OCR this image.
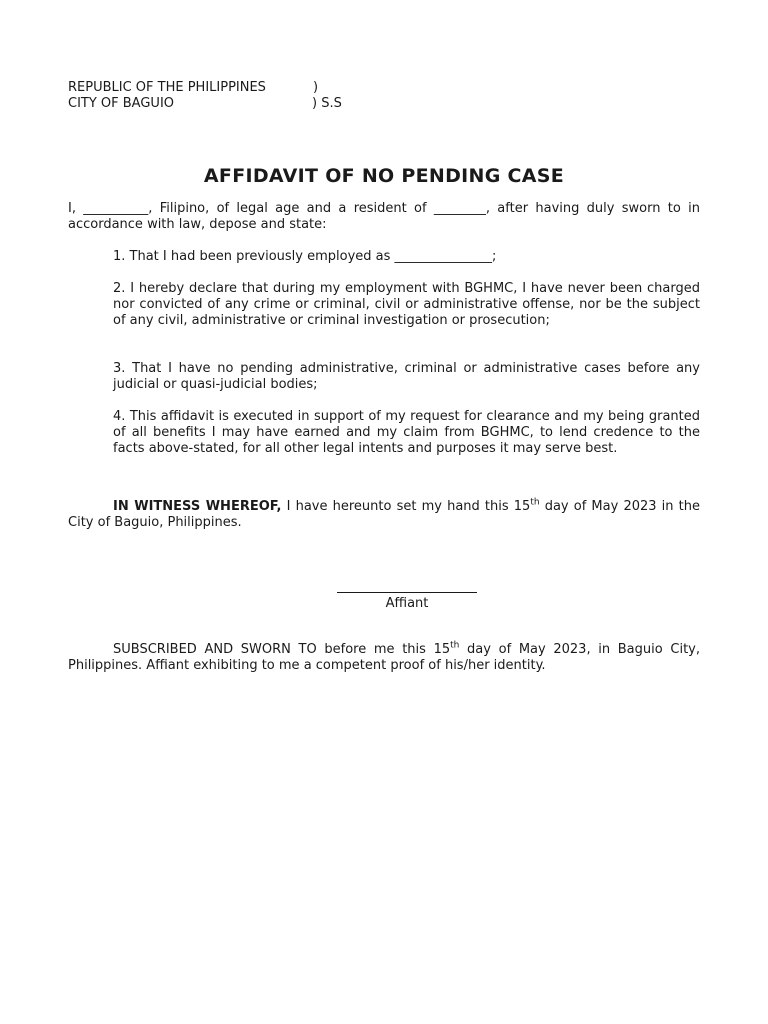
REPUBLIC OF THE PHILIPPINES	)
CITY OF BAGUIO	) S.S
AFFIDAVIT OF NO PENDING CASE
I, __________, Filipino, of legal age and a resident of ________, after having duly sworn to in accordance with law, depose and state:
1. That I had been previously employed as _______________;
2. I hereby declare that during my employment with BGHMC, I have never been charged nor convicted of any crime or criminal, civil or administrative offense, nor be the subject of any civil, administrative or criminal investigation or prosecution;
3. That I have no pending administrative, criminal or administrative cases before any judicial or quasi-judicial bodies;
4. This affidavit is executed in support of my request for clearance and my being granted of all benefits I may have earned and my claim from BGHMC, to lend credence to the facts above-stated, for all other legal intents and purposes it may serve best.
IN WITNESS WHEREOF, I have hereunto set my hand this 15th day of May 2023 in the City of Baguio, Philippines.
Affiant
SUBSCRIBED AND SWORN TO before me this 15th day of May 2023, in Baguio City, Philippines. Affiant exhibiting to me a competent proof of his/her identity.
